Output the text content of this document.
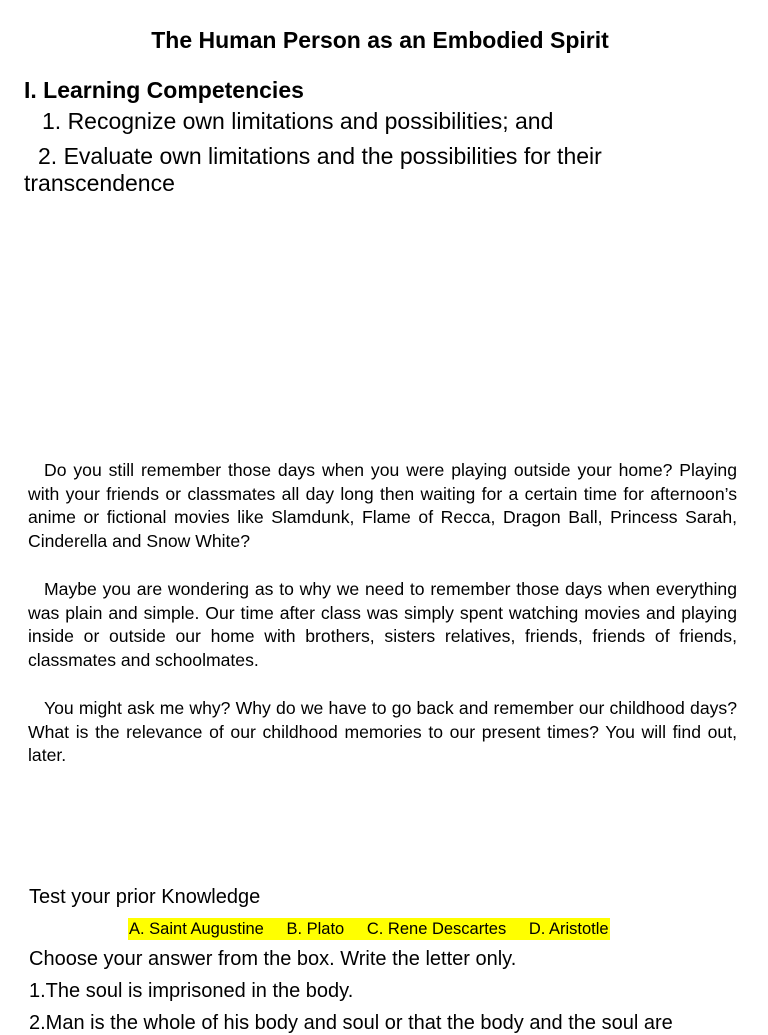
The Human Person as an Embodied Spirit
I. Learning Competencies
1. Recognize own limitations and possibilities; and
2. Evaluate own limitations and the possibilities for their transcendence

Do you still remember those days when you were playing outside your home? Playing with your friends or classmates all day long then waiting for a certain time for afternoon’s anime or fictional movies like Slamdunk, Flame of Recca, Dragon Ball, Princess Sarah, Cinderella and Snow White?

Maybe you are wondering as to why we need to remember those days when everything was plain and simple. Our time after class was simply spent watching movies and playing inside or outside our home with brothers, sisters relatives, friends, friends of friends, classmates and schoolmates.

You might ask me why? Why do we have to go back and remember our childhood days? What is the relevance of our childhood memories to our present times? You will find out, later.

Test your prior Knowledge
A. Saint Augustine B. Plato C. Rene Descartes D. Aristotle
Choose your answer from the box. Write the letter only.
1.The soul is imprisoned in the body.
2.Man is the whole of his body and soul or that the body and the soul are
